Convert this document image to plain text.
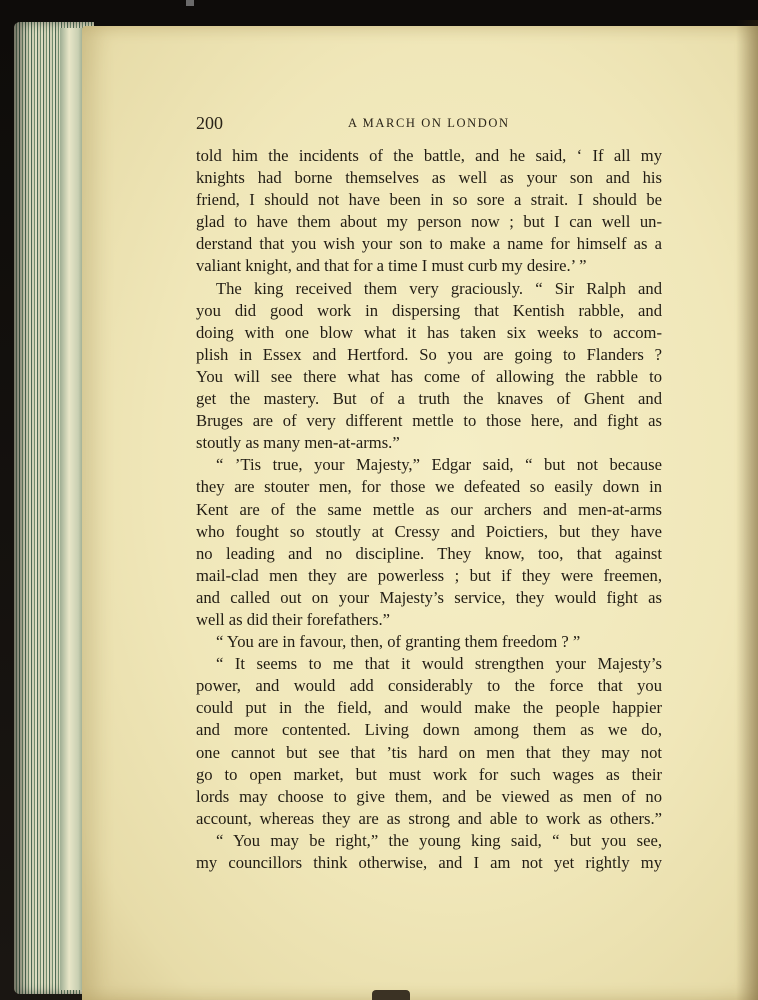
200	A MARCH ON LONDON
told him the incidents of the battle, and he said, ‘ If all my
knights had borne themselves as well as your son and his
friend, I should not have been in so sore a strait. I should be
glad to have them about my person now ; but I can well un-
derstand that you wish your son to make a name for himself as a
valiant knight, and that for a time I must curb my desire.’ ”
The king received them very graciously. “ Sir Ralph and
you did good work in dispersing that Kentish rabble, and
doing with one blow what it has taken six weeks to accom-
plish in Essex and Hertford. So you are going to Flanders ?
You will see there what has come of allowing the rabble to
get the mastery. But of a truth the knaves of Ghent and
Bruges are of very different mettle to those here, and fight as
stoutly as many men-at-arms.”
“ ’Tis true, your Majesty,” Edgar said, “ but not because
they are stouter men, for those we defeated so easily down in
Kent are of the same mettle as our archers and men-at-arms
who fought so stoutly at Cressy and Poictiers, but they have
no leading and no discipline. They know, too, that against
mail-clad men they are powerless ; but if they were freemen,
and called out on your Majesty’s service, they would fight as
well as did their forefathers.”
“ You are in favour, then, of granting them freedom ? ”
“ It seems to me that it would strengthen your Majesty’s
power, and would add considerably to the force that you
could put in the field, and would make the people happier
and more contented. Living down among them as we do,
one cannot but see that ’tis hard on men that they may not
go to open market, but must work for such wages as their
lords may choose to give them, and be viewed as men of no
account, whereas they are as strong and able to work as others.”
“ You may be right,” the young king said, “ but you see,
my councillors think otherwise, and I am not yet rightly my
